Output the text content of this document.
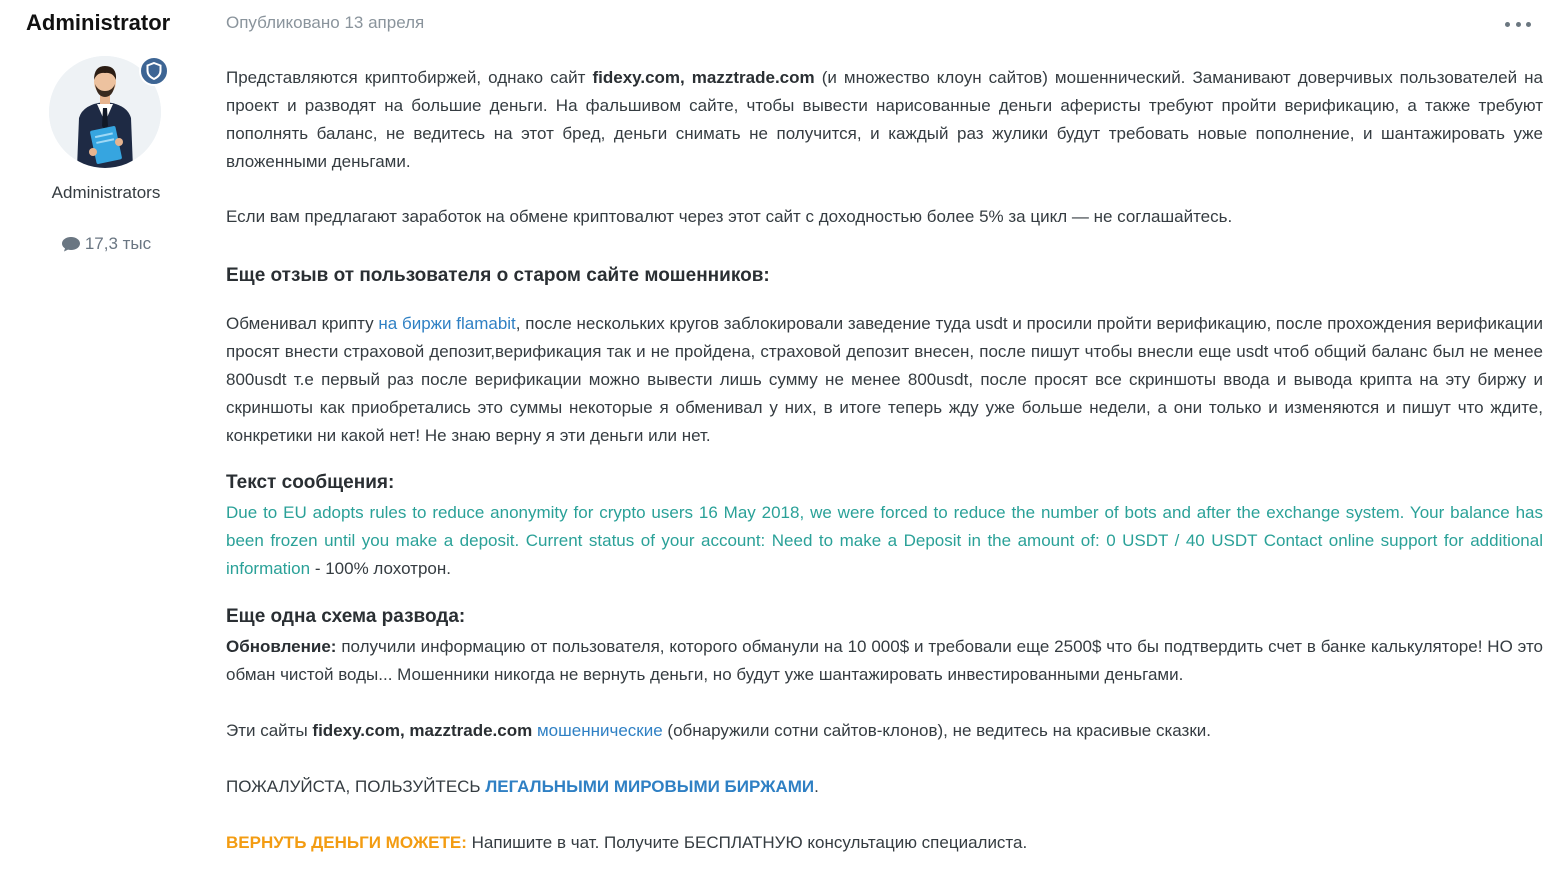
Administrator
Administrators
17,3 тыс
Опубликовано 13 апреля
Представляются криптобиржей, однако сайт fidexy.com, mazztrade.com (и множество клоун сайтов) мошеннический. Заманивают доверчивых пользователей на проект и разводят на большие деньги. На фальшивом сайте, чтобы вывести нарисованные деньги аферисты требуют пройти верификацию, а также требуют пополнять баланс, не ведитесь на этот бред, деньги снимать не получится, и каждый раз жулики будут требовать новые пополнение, и шантажировать уже вложенными деньгами.
Если вам предлагают заработок на обмене криптовалют через этот сайт с доходностью более 5% за цикл — не соглашайтесь.
Еще отзыв от пользователя о старом сайте мошенников:
Обменивал крипту на биржи flamabit, после нескольких кругов заблокировали заведение туда usdt и просили пройти верификацию, после прохождения верификации просят внести страховой депозит,верификация так и не пройдена, страховой депозит внесен, после пишут чтобы внесли еще usdt чтоб общий баланс был не менее 800usdt т.е первый раз после верификации можно вывести лишь сумму не менее 800usdt, после просят все скриншоты ввода и вывода крипта на эту биржу и скриншоты как приобретались это суммы некоторые я обменивал у них, в итоге теперь жду уже больше недели, а они только и изменяются и пишут что ждите, конкретики ни какой нет! Не знаю верну я эти деньги или нет.
Текст сообщения:
Due to EU adopts rules to reduce anonymity for crypto users 16 May 2018, we were forced to reduce the number of bots and after the exchange system. Your balance has been frozen until you make a deposit. Current status of your account: Need to make a Deposit in the amount of: 0 USDT / 40 USDT Contact online support for additional information - 100% лохотрон.
Еще одна схема развода:
Обновление: получили информацию от пользователя, которого обманули на 10 000$ и требовали еще 2500$ что бы подтвердить счет в банке калькуляторе! НО это обман чистой воды... Мошенники никогда не вернуть деньги, но будут уже шантажировать инвестированными деньгами.
Эти сайты fidexy.com, mazztrade.com мошеннические (обнаружили сотни сайтов-клонов), не ведитесь на красивые сказки.
ПОЖАЛУЙСТА, ПОЛЬЗУЙТЕСЬ ЛЕГАЛЬНЫМИ МИРОВЫМИ БИРЖАМИ.
ВЕРНУТЬ ДЕНЬГИ МОЖЕТЕ: Напишите в чат. Получите БЕСПЛАТНУЮ консультацию специалиста.
